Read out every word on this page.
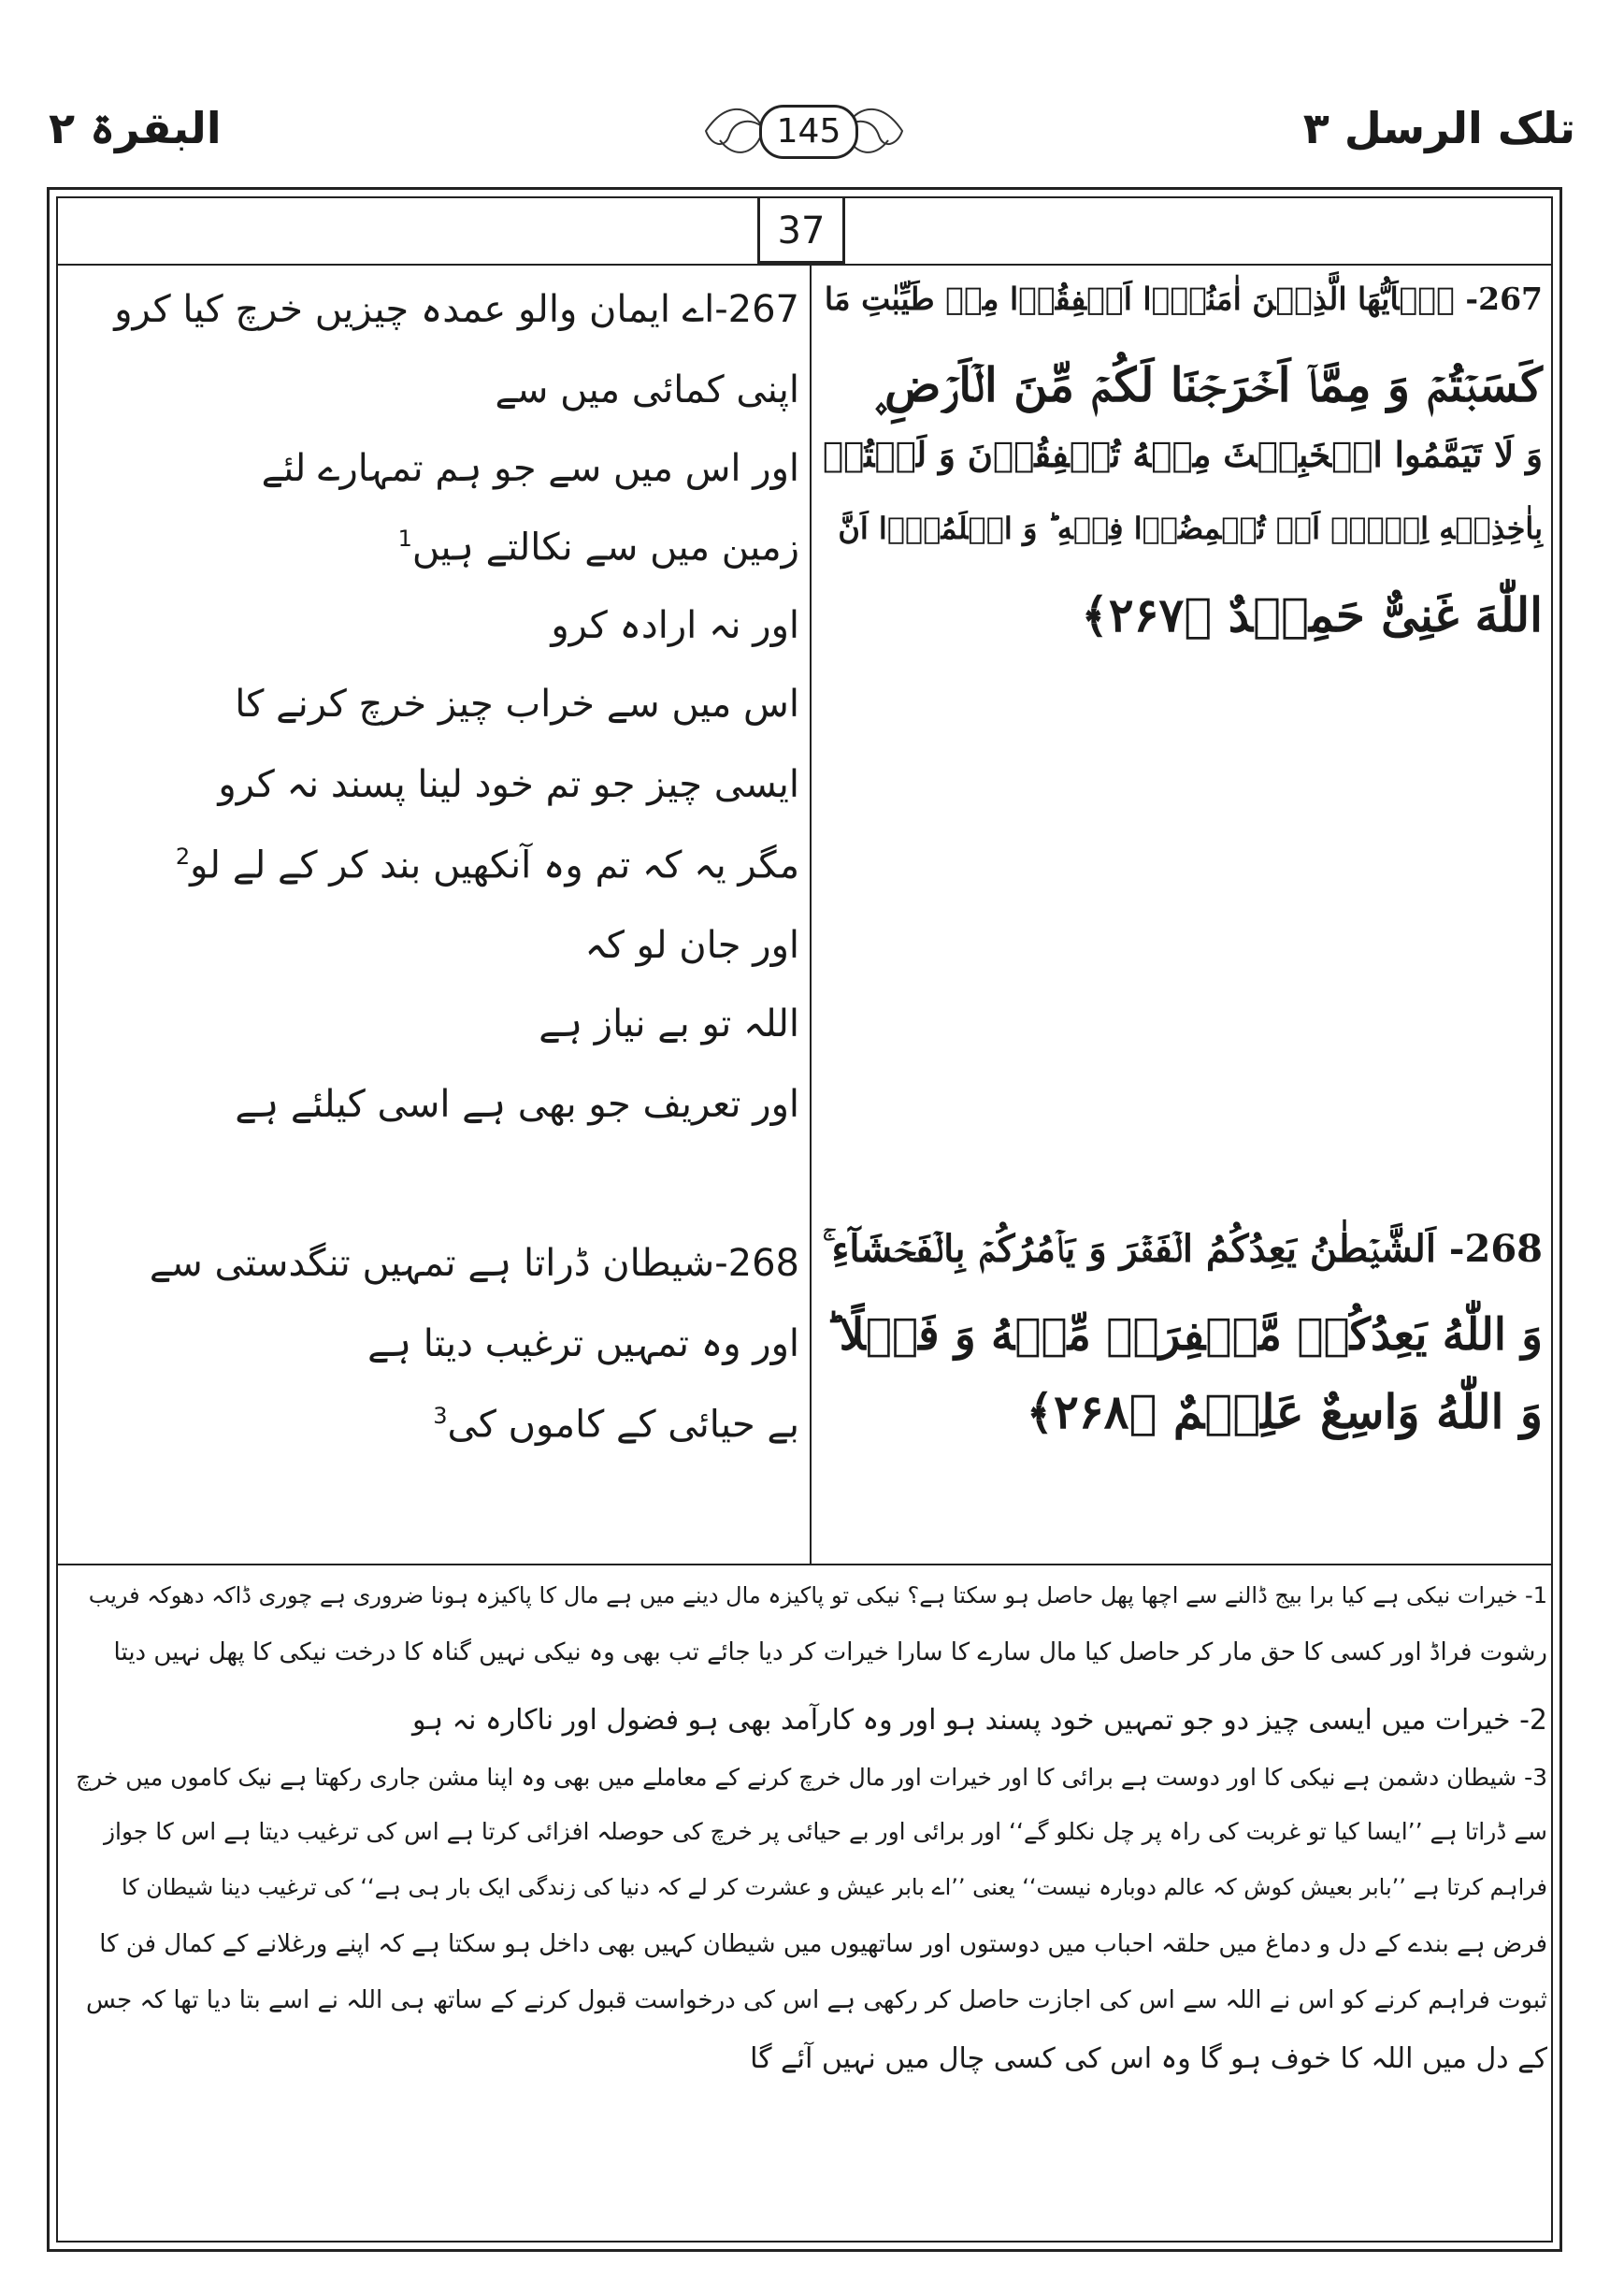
البقرۃ ۲	145	تلک الرسل ۳
37
267- یٰۤاَیُّهَا الَّذِیۡنَ اٰمَنُوۡۤا اَنۡفِقُوۡا مِنۡ طَیِّبٰتِ مَا
کَسَبۡتُمۡ وَ مِمَّاۤ اَخۡرَجۡنَا لَکُمۡ مِّنَ الۡاَرۡضِ ۪
وَ لَا تَیَمَّمُوا الۡخَبِیۡثَ مِنۡهُ تُنۡفِقُوۡنَ وَ لَسۡتُمۡ
بِاٰخِذِیۡهِ اِلَّاۤ اَنۡ تُغۡمِضُوۡا فِیۡهِ ؕ وَ اعۡلَمُوۡۤا اَنَّ
اللّٰهَ غَنِیٌّ حَمِیۡدٌ ﴿۲۶۷﴾
268- اَلشَّیۡطٰنُ یَعِدُکُمُ الۡفَقۡرَ وَ یَاۡمُرُکُمۡ بِالۡفَحۡشَآءِ ۚ
وَ اللّٰهُ یَعِدُکُمۡ مَّغۡفِرَۃً مِّنۡهُ وَ فَضۡلًا ؕ
وَ اللّٰهُ وَاسِعٌ عَلِیۡمٌ ﴿۲۶۸﴾
267-اے ایمان والو عمدہ چیزیں خرچ کیا کرو
اپنی کمائی میں سے
اور اس میں سے جو ہم تمہارے لئے
زمین میں سے نکالتے ہیں$^1$
اور نہ ارادہ کرو
اس میں سے خراب چیز خرچ کرنے کا
ایسی چیز جو تم خود لینا پسند نہ کرو
مگر یہ کہ تم وہ آنکھیں بند کر کے لے لو$^2$
اور جان لو کہ
اللہ تو بے نیاز ہے
اور تعریف جو بھی ہے اسی کیلئے ہے
268-شیطان ڈراتا ہے تمہیں تنگدستی سے
اور وہ تمہیں ترغیب دیتا ہے
بے حیائی کے کاموں کی$^3$
1- خیرات نیکی ہے کیا برا بیج ڈالنے سے اچھا پھل حاصل ہو سکتا ہے؟ نیکی تو پاکیزہ مال دینے میں ہے مال کا پاکیزہ ہونا ضروری ہے چوری ڈاکہ دھوکہ فریب
رشوت فراڈ اور کسی کا حق مار کر حاصل کیا مال سارے کا سارا خیرات کر دیا جائے تب بھی وہ نیکی نہیں گناہ کا درخت نیکی کا پھل نہیں دیتا
2- خیرات میں ایسی چیز دو جو تمہیں خود پسند ہو اور وہ کارآمد بھی ہو فضول اور ناکارہ نہ ہو
3- شیطان دشمن ہے نیکی کا اور دوست ہے برائی کا اور خیرات اور مال خرچ کرنے کے معاملے میں بھی وہ اپنا مشن جاری رکھتا ہے نیک کاموں میں خرچ
سے ڈراتا ہے ’’ایسا کیا تو غربت کی راہ پر چل نکلو گے‘‘ اور برائی اور بے حیائی پر خرچ کی حوصلہ افزائی کرتا ہے اس کی ترغیب دیتا ہے اس کا جواز
فراہم کرتا ہے ’’بابر بعیش کوش کہ عالم دوبارہ نیست‘‘ یعنی ’’اے بابر عیش و عشرت کر لے کہ دنیا کی زندگی ایک بار ہی ہے‘‘ کی ترغیب دینا شیطان کا
فرض ہے بندے کے دل و دماغ میں حلقہ احباب میں دوستوں اور ساتھیوں میں شیطان کہیں بھی داخل ہو سکتا ہے کہ اپنے ورغلانے کے کمال فن کا
ثبوت فراہم کرنے کو اس نے اللہ سے اس کی اجازت حاصل کر رکھی ہے اس کی درخواست قبول کرنے کے ساتھ ہی اللہ نے اسے بتا دیا تھا کہ جس
کے دل میں اللہ کا خوف ہو گا وہ اس کی کسی چال میں نہیں آئے گا
